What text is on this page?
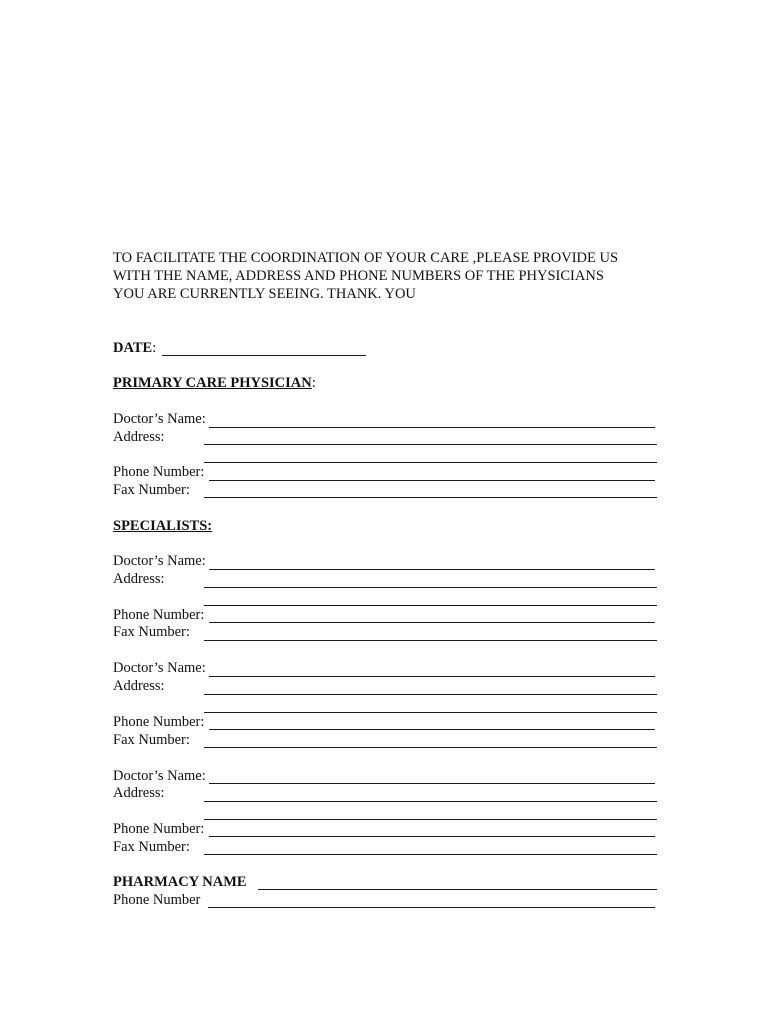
TO FACILITATE THE COORDINATION OF YOUR CARE ,PLEASE PROVIDE US
WITH THE NAME, ADDRESS AND PHONE NUMBERS OF THE PHYSICIANS
YOU ARE CURRENTLY SEEING. THANK. YOU
DATE:
PRIMARY CARE PHYSICIAN:
Doctor’s Name:
Address:
Phone Number:
Fax Number:
SPECIALISTS:
Doctor’s Name:
Address:
Phone Number:
Fax Number:
Doctor’s Name:
Address:
Phone Number:
Fax Number:
Doctor’s Name:
Address:
Phone Number:
Fax Number:
PHARMACY NAME
Phone Number
